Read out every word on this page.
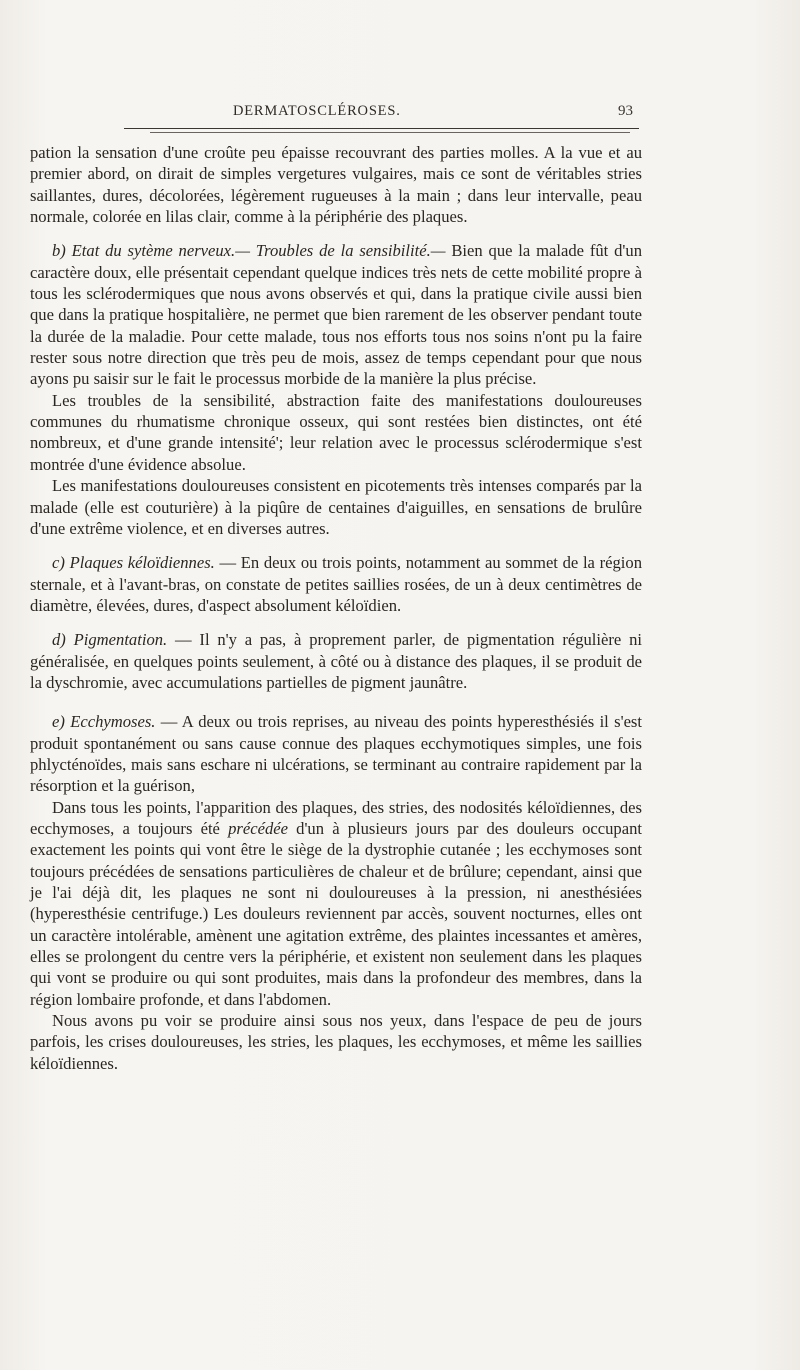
DERMATOSCLÉROSES.	93

pation la sensation d'une croûte peu épaisse recouvrant des parties molles. A la vue et au premier abord, on dirait de simples vergetures vulgaires, mais ce sont de véritables stries saillantes, dures, décolorées, légèrement rugueuses à la main ; dans leur intervalle, peau normale, colorée en lilas clair, comme à la périphérie des plaques.

b) Etat du sytème nerveux.— Troubles de la sensibilité.— Bien que la malade fût d'un caractère doux, elle présentait cependant quelque indices très nets de cette mobilité propre à tous les sclérodermiques que nous avons observés et qui, dans la pratique civile aussi bien que dans la pratique hospitalière, ne permet que bien rarement de les observer pendant toute la durée de la maladie. Pour cette malade, tous nos efforts tous nos soins n'ont pu la faire rester sous notre direction que très peu de mois, assez de temps cependant pour que nous ayons pu saisir sur le fait le processus morbide de la manière la plus précise.

Les troubles de la sensibilité, abstraction faite des manifestations douloureuses communes du rhumatisme chronique osseux, qui sont restées bien distinctes, ont été nombreux, et d'une grande intensité'; leur relation avec le processus sclérodermique s'est montrée d'une évidence absolue.

Les manifestations douloureuses consistent en picotements très intenses comparés par la malade (elle est couturière) à la piqûre de centaines d'aiguilles, en sensations de brulûre d'une extrême violence, et en diverses autres.

c) Plaques kéloïdiennes. — En deux ou trois points, notamment au sommet de la région sternale, et à l'avant-bras, on constate de petites saillies rosées, de un à deux centimètres de diamètre, élevées, dures, d'aspect absolument kéloïdien.

d) Pigmentation. — Il n'y a pas, à proprement parler, de pigmentation régulière ni généralisée, en quelques points seulement, à côté ou à distance des plaques, il se produit de la dyschromie, avec accumulations partielles de pigment jaunâtre.

e) Ecchymoses. — A deux ou trois reprises, au niveau des points hyperesthésiés il s'est produit spontanément ou sans cause connue des plaques ecchymotiques simples, une fois phlycténoïdes, mais sans eschare ni ulcérations, se terminant au contraire rapidement par la résorption et la guérison,

Dans tous les points, l'apparition des plaques, des stries, des nodosités kéloïdiennes, des ecchymoses, a toujours été précédée d'un à plusieurs jours par des douleurs occupant exactement les points qui vont être le siège de la dystrophie cutanée ; les ecchymoses sont toujours précédées de sensations particulières de chaleur et de brûlure; cependant, ainsi que je l'ai déjà dit, les plaques ne sont ni douloureuses à la pression, ni anesthésiées (hyperesthésie centrifuge.) Les douleurs reviennent par accès, souvent nocturnes, elles ont un caractère intolérable, amènent une agitation extrême, des plaintes incessantes et amères, elles se prolongent du centre vers la périphérie, et existent non seulement dans les plaques qui vont se produire ou qui sont produites, mais dans la profondeur des membres, dans la région lombaire profonde, et dans l'abdomen.

Nous avons pu voir se produire ainsi sous nos yeux, dans l'espace de peu de jours parfois, les crises douloureuses, les stries, les plaques, les ecchymoses, et même les saillies kéloïdiennes.
